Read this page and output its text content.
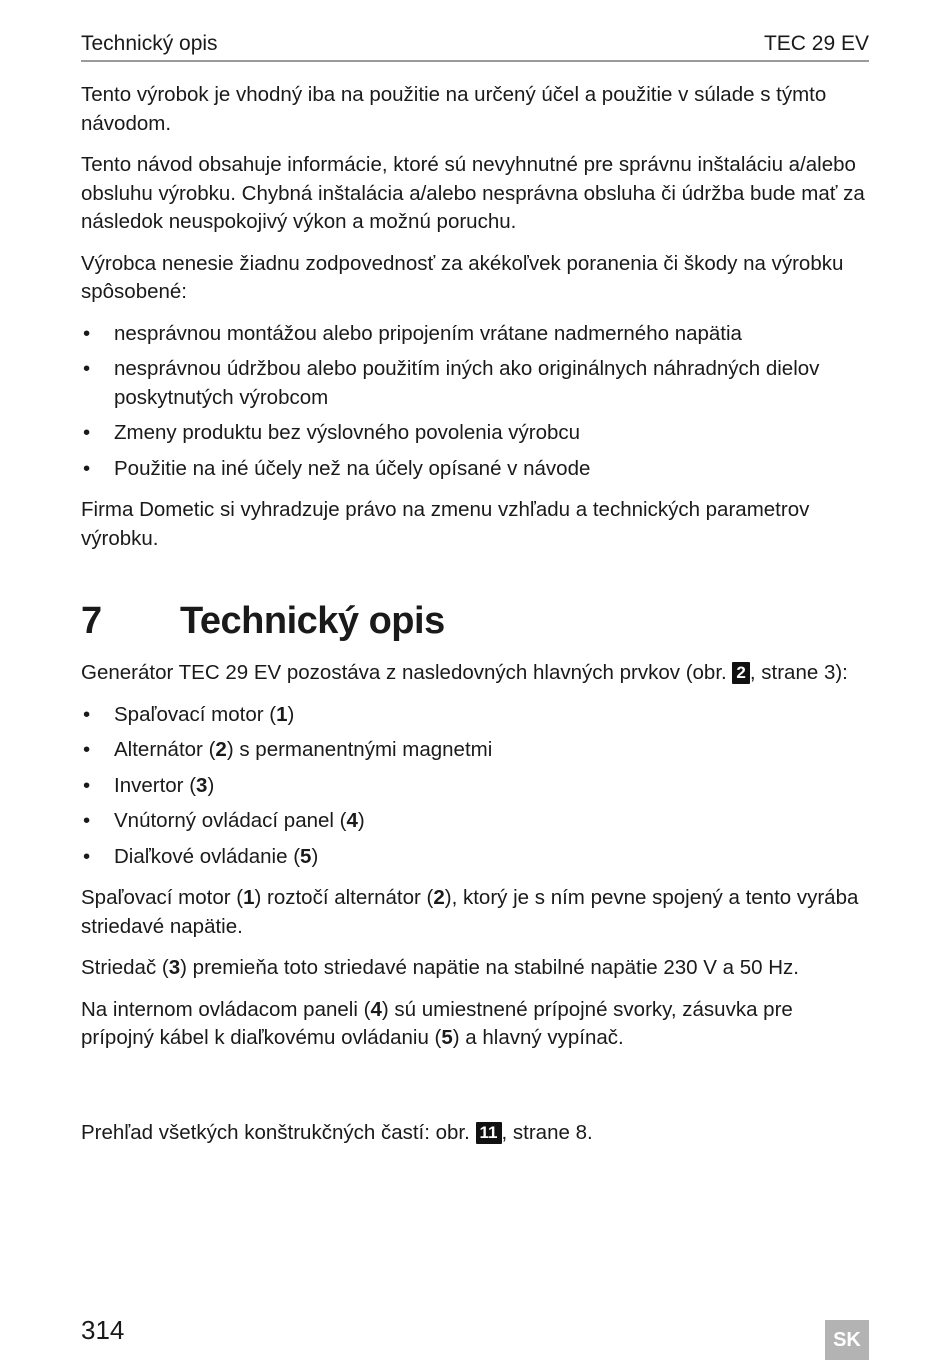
Technický opis	TEC 29 EV

Tento výrobok je vhodný iba na použitie na určený účel a použitie v súlade s týmto návodom.

Tento návod obsahuje informácie, ktoré sú nevyhnutné pre správnu inštaláciu a/alebo obsluhu výrobku. Chybná inštalácia a/alebo nesprávna obsluha či údržba bude mať za následok neuspokojivý výkon a možnú poruchu.

Výrobca nenesie žiadnu zodpovednosť za akékoľvek poranenia či škody na výrobku spôsobené:

• nesprávnou montážou alebo pripojením vrátane nadmerného napätia
• nesprávnou údržbou alebo použitím iných ako originálnych náhradných dielov poskytnutých výrobcom
• Zmeny produktu bez výslovného povolenia výrobcu
• Použitie na iné účely než na účely opísané v návode

Firma Dometic si vyhradzuje právo na zmenu vzhľadu a technických parametrov výrobku.

7 Technický opis

Generátor TEC 29 EV pozostáva z nasledovných hlavných prvkov (obr. 2 , strane 3):

• Spaľovací motor (1)
• Alternátor (2) s permanentnými magnetmi
• Invertor (3)
• Vnútorný ovládací panel (4)
• Diaľkové ovládanie (5)

Spaľovací motor (1) roztočí alternátor (2), ktorý je s ním pevne spojený a tento vyrába striedavé napätie.

Striedač (3) premieňa toto striedavé napätie na stabilné napätie 230 V a 50 Hz.

Na internom ovládacom paneli (4) sú umiestnené prípojné svorky, zásuvka pre prípojný kábel k diaľkovému ovládaniu (5) a hlavný vypínač.

Prehľad všetkých konštrukčných častí: obr. 11 , strane 8.
314	SK
